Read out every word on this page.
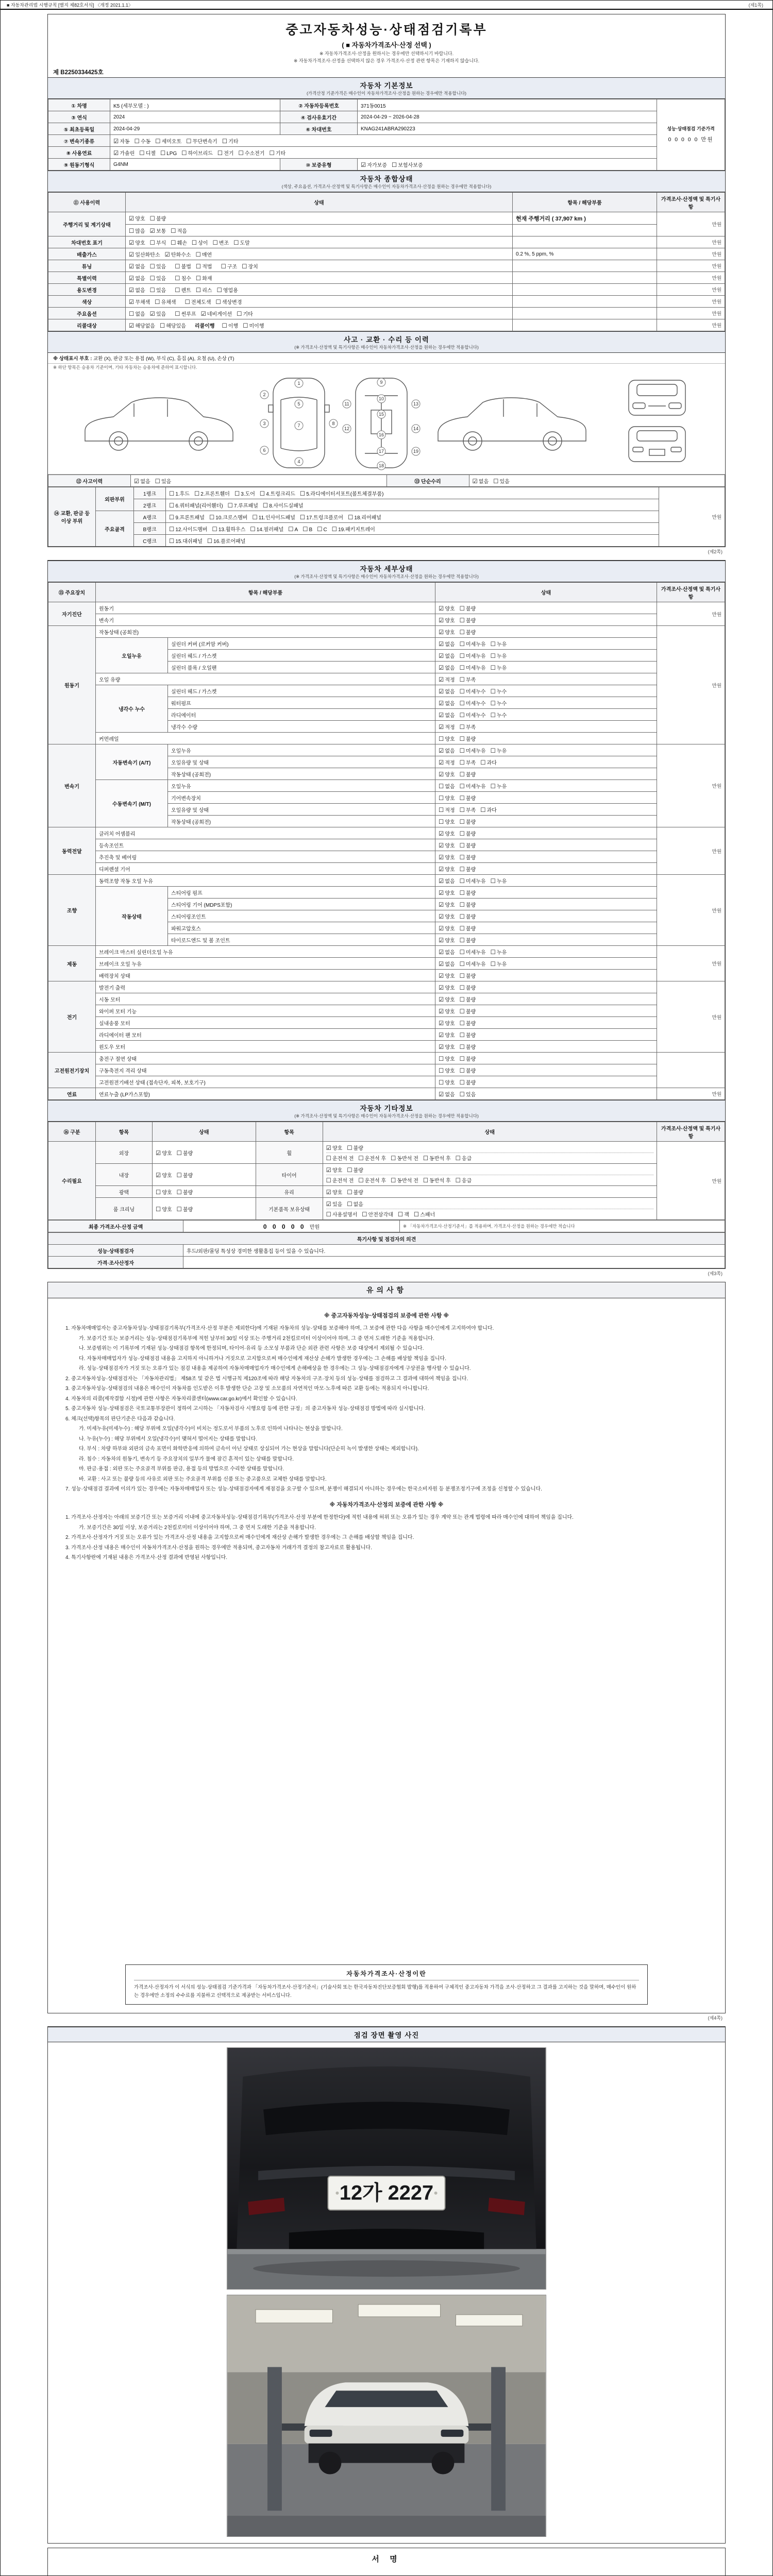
■ 자동차관리법 시행규칙 [별지 제82호서식] 〈개정 2021.1.1〉	(제1쪽)
중고자동차성능·상태점검기록부
( ■ 자동차가격조사·산정 선택 )
※ 자동차가격조사·산정을 원하시는 경우에만 선택하시기 바랍니다.
※ 자동차가격조사·산정을 선택하지 않은 경우 가격조사·산정 관련 항목은 기재하지 않습니다.
제 B2250334425호
자동차 기본정보
(가격산정 기준가격은 매수인이 자동차가격조사·산정을 원하는 경우에만 적용합니다)
① 차명	K5 (세부모델 : )	② 자동차등록번호	371동0015	성능·상태점검 기준가격
0 0 0 0 0 만원

③ 연식	2024	④ 검사유효기간	2024-04-29 ~ 2026-04-28	
⑤ 최초등록일	2024-04-29	⑥ 차대번호	KNAG241ABRA290223	
⑦ 변속기종류	☑ 자동 ☐ 수동 ☐ 세미오토 ☐ 무단변속기 ☐ 기타			
⑧ 사용연료	☑ 가솔린 ☐ 디젤 ☐ LPG ☐ 하이브리드 ☐ 전기 ☐ 수소전기 ☐ 기타			
⑨ 원동기형식	G4NM	⑩ 보증유형	☑ 자가보증 ☐ 보험사보증	
자동차 종합상태
(색상, 주요옵션, 가격조사·산정액 및 특기사항은 매수인이 자동차가격조사·산정을 원하는 경우에만 적용합니다)
⑪ 사용이력	상태	항목 / 해당부품	가격조사·산정액 및 특기사항
주행거리 및 계기상태	☑ 양호 ☐ 불량	현재 주행거리 ( 37,907 km )	만원
	☐ 많음 ☑ 보통 ☐ 적음		
차대번호 표기	☑ 양호 ☐ 부식 ☐ 훼손 ☐ 상이 ☐ 변조 ☐ 도말		만원
배출가스	☑ 일산화탄소 ☑ 탄화수소 ☐ 매연	0.2 %, 5 ppm, %	만원
튜닝	☑ 없음 ☐ 있음 ☐ 불법 ☐ 적법 ☐ 구조 ☐ 장치		만원
특별이력	☑ 없음 ☐ 있음 ☐ 침수 ☐ 화재		만원
용도변경	☑ 없음 ☐ 있음 ☐ 렌트 ☐ 리스 ☐ 영업용		만원
색상	☑ 무채색 ☐ 유채색 ☐ 전체도색 ☐ 색상변경		만원
주요옵션	☐ 없음 ☑ 있음 ☐ 썬루프 ☑ 네비게이션 ☐ 기타		만원
리콜대상	☑ 해당없음 ☐ 해당있음 리콜이행 ☐ 이행 ☐ 미이행		만원
사고 · 교환 · 수리 등 이력
(※ 가격조사·산정액 및 특기사항은 매수인이 자동차가격조사·산정을 원하는 경우에만 적용합니다)
※ 상태표시 부호 : 교환 (X), 판금 또는 용접 (W), 부식 (C), 흠집 (A), 요철 (U), 손상 (T)
※ 하단 항목은 승용차 기준이며, 기타 자동차는 승용차에 준하여 표시합니다.
1
2
3
4
5
6
7	8
9
10
11
12
13
14
15
16
17
18
19
⑫ 사고이력	☑ 없음 ☐ 있음	⑬ 단순수리	☑ 없음 ☐ 있음
⑭ 교환, 판금 등 이상 부위	외판부위	1랭크	☐ 1.후드 ☐ 2.프론트휀더 ☐ 3.도어 ☐ 4.트렁크리드 ☐ 5.라디에이터서포트(볼트체결부품)	만원
		2랭크	☐ 6.쿼터패널(리어휀더) ☐ 7.루프패널 ☐ 8.사이드실패널	
	주요골격	A랭크	☐ 9.프론트패널 ☐ 10.크로스멤버 ☐ 11.인사이드패널 ☐ 17.트렁크플로어 ☐ 18.리어패널	
		B랭크	☐ 12.사이드멤버 ☐ 13.휠하우스 ☐ 14.필러패널 ☐ A ☐ B ☐ C ☐ 19.패키지트레이	
		C랭크	☐ 15.대쉬패널 ☐ 16.플로어패널	
(제2쪽)
자동차 세부상태
(※ 가격조사·산정액 및 특기사항은 매수인이 자동차가격조사·산정을 원하는 경우에만 적용합니다)
⑮ 주요장치	항목 / 해당부품		상태	가격조사·산정액 및 특기사항
자기진단	원동기		☑ 양호 ☐ 불량	만원
	변속기		☑ 양호 ☐ 불량	
원동기	작동상태 (공회전)		☑ 양호 ☐ 불량	만원
	오일누유	실린더 커버 (로커암 커버)	☑ 없음 ☐ 미세누유 ☐ 누유	
		실린더 헤드 / 가스켓	☑ 없음 ☐ 미세누유 ☐ 누유	
		실린더 블록 / 오일팬	☑ 없음 ☐ 미세누유 ☐ 누유	
	오일 유량		☑ 적정 ☐ 부족	
	냉각수 누수	실린더 헤드 / 가스켓	☑ 없음 ☐ 미세누수 ☐ 누수	
		워터펌프	☑ 없음 ☐ 미세누수 ☐ 누수	
		라디에이터	☑ 없음 ☐ 미세누수 ☐ 누수	
		냉각수 수량	☑ 적정 ☐ 부족	
	커먼레일		☐ 양호 ☐ 불량	
변속기	자동변속기 (A/T)	오일누유	☑ 없음 ☐ 미세누유 ☐ 누유	만원
		오일유량 및 상태	☑ 적정 ☐ 부족 ☐ 과다	
		작동상태 (공회전)	☑ 양호 ☐ 불량	
	수동변속기 (M/T)	오일누유	☐ 없음 ☐ 미세누유 ☐ 누유	
		기어변속장치	☐ 양호 ☐ 불량	
		오일유량 및 상태	☐ 적정 ☐ 부족 ☐ 과다	
		작동상태 (공회전)	☐ 양호 ☐ 불량	
동력전달	클러치 어셈블리		☑ 양호 ☐ 불량	만원
	등속조인트		☑ 양호 ☐ 불량	
	추진축 및 베어링		☑ 양호 ☐ 불량	
	디퍼렌셜 기어		☑ 양호 ☐ 불량	
조향	동력조향 작동 오일 누유		☑ 없음 ☐ 미세누유 ☐ 누유	만원
	작동상태	스티어링 펌프	☑ 양호 ☐ 불량	
		스티어링 기어 (MDPS포함)	☑ 양호 ☐ 불량	
		스티어링조인트	☑ 양호 ☐ 불량	
		파워고압호스	☑ 양호 ☐ 불량	
		타이로드엔드 및 볼 조인트	☑ 양호 ☐ 불량	
제동	브레이크 마스터 실린더오일 누유		☑ 없음 ☐ 미세누유 ☐ 누유	만원
	브레이크 오일 누유		☑ 없음 ☐ 미세누유 ☐ 누유	
	배력장치 상태		☑ 양호 ☐ 불량	
전기	발전기 출력		☑ 양호 ☐ 불량	만원
	시동 모터		☑ 양호 ☐ 불량	
	와이퍼 모터 기능		☑ 양호 ☐ 불량	
	실내송풍 모터		☑ 양호 ☐ 불량	
	라디에이터 팬 모터		☑ 양호 ☐ 불량	
	윈도우 모터		☑ 양호 ☐ 불량	
고전원전기장치	충전구 절연 상태		☐ 양호 ☐ 불량	
	구동축전지 격리 상태		☐ 양호 ☐ 불량	
	고전원전기배선 상태 (접속단자, 피복, 보호기구)		☐ 양호 ☐ 불량	
연료	연료누출 (LP가스포함)		☑ 없음 ☐ 있음	만원
자동차 기타정보
(※ 가격조사·산정액 및 특기사항은 매수인이 자동차가격조사·산정을 원하는 경우에만 적용합니다)
⑯ 구분	항목	상태	항목	상태	가격조사·산정액 및 특기사항
수리필요	외장	☑ 양호 ☐ 불량	휠	☑ 양호 ☐ 불량
☐ 운전석 전 ☐ 운전석 후 ☐ 동반석 전 ☐ 동반석 후 ☐ 응급	만원
	내장	☑ 양호 ☐ 불량	타이어	☑ 양호 ☐ 불량
☐ 운전석 전 ☐ 운전석 후 ☐ 동반석 전 ☐ 동반석 후 ☐ 응급	

	광택	☐ 양호 ☐ 불량	유리	☑ 양호 ☐ 불량	
	룸 크리닝	☐ 양호 ☐ 불량	기본품목 보유상태	☑ 있음 ☐ 없음
☐ 사용설명서 ☐ 안전삼각대 ☐ 잭 ☐ 스패너	
최종 가격조사·산정 금액	0 0 0 0 0 만원	※ 「자동차가격조사·산정기준서」를 적용하며, 가격조사·산정을 원하는 경우에만 적습니다
특기사항 및 점검자의 의견	
성능·상태점검자	후드/외판/몰딩 특성상 경미한 생활흠집 등이 있을 수 있습니다.
가격·조사산정자	
(제3쪽)
유의사항
※ 중고자동차성능·상태점검의 보증에 관한 사항 ※
1. 자동차매매업자는 중고자동차성능·상태점검기록부(가격조사·산정 부분은 제외한다)에 기재된 자동차의 성능·상태를 보증해야 하며, 그 보증에 관한 다음 사항을 매수인에게 고지하여야 합니다.
가. 보증기간 또는 보증거리는 성능·상태점검기록부에 적힌 날부터 30일 이상 또는 주행거리 2천킬로미터 이상이어야 하며, 그 중 먼저 도래한 기준을 적용합니다.
나. 보증범위는 이 기록부에 기재된 성능·상태점검 항목에 한정되며, 타이어·유리 등 소모성 부품과 단순 외관 관련 사항은 보증 대상에서 제외될 수 있습니다.
다. 자동차매매업자가 성능·상태점검 내용을 고지하지 아니하거나 거짓으로 고지함으로써 매수인에게 재산상 손해가 발생한 경우에는 그 손해를 배상할 책임을 집니다.
라. 성능·상태점검자가 거짓 또는 오류가 있는 점검 내용을 제공하여 자동차매매업자가 매수인에게 손해배상을 한 경우에는 그 성능·상태점검자에게 구상권을 행사할 수 있습니다.
2. 중고자동차성능·상태점검자는 「자동차관리법」 제58조 및 같은 법 시행규칙 제120조에 따라 해당 자동차의 구조·장치 등의 성능·상태를 점검하고 그 결과에 대하여 책임을 집니다.
3. 중고자동차성능·상태점검의 내용은 매수인이 자동차를 인도받은 이후 발생한 단순 고장 및 소모품의 자연적인 마모·노후에 따른 교환 등에는 적용되지 아니합니다.
4. 자동차의 리콜(제작결함 시정)에 관한 사항은 자동차리콜센터(www.car.go.kr)에서 확인할 수 있습니다.
5. 중고자동차 성능·상태점검은 국토교통부장관이 정하여 고시하는 「자동차검사 시행요령 등에 관한 규정」의 중고자동차 성능·상태점검 방법에 따라 실시합니다.
6. 체크(선택)항목의 판단기준은 다음과 같습니다.
가. 미세누유(미세누수) : 해당 부위에 오일(냉각수)이 비치는 정도로서 부품의 노후로 인하여 나타나는 현상을 말합니다.
나. 누유(누수) : 해당 부위에서 오일(냉각수)이 맺혀서 떨어지는 상태를 말합니다.
다. 부식 : 차량 하부와 외판의 금속 표면이 화학반응에 의하여 금속이 아닌 상태로 상실되어 가는 현상을 말합니다(단순히 녹이 발생한 상태는 제외합니다).
라. 침수 : 자동차의 원동기, 변속기 등 주요장치의 일부가 물에 잠긴 흔적이 있는 상태를 말합니다.
마. 판금·용접 : 외판 또는 주요골격 부위를 판금, 용접 등의 방법으로 수리한 상태를 말합니다.
바. 교환 : 사고 또는 불량 등의 사유로 외판 또는 주요골격 부위를 신품 또는 중고품으로 교체한 상태를 말합니다.
7. 성능·상태점검 결과에 이의가 있는 경우에는 자동차매매업자 또는 성능·상태점검자에게 재점검을 요구할 수 있으며, 분쟁이 해결되지 아니하는 경우에는 한국소비자원 등 분쟁조정기구에 조정을 신청할 수 있습니다.
※ 자동차가격조사·산정의 보증에 관한 사항 ※
1. 가격조사·산정자는 아래의 보증기간 또는 보증거리 이내에 중고자동차성능·상태점검기록부(가격조사·산정 부분에 한정한다)에 적힌 내용에 허위 또는 오류가 있는 경우 계약 또는 관계 법령에 따라 매수인에 대하여 책임을 집니다.
가. 보증기간은 30일 이상, 보증거리는 2천킬로미터 이상이어야 하며, 그 중 먼저 도래한 기준을 적용합니다.
2. 가격조사·산정자가 거짓 또는 오류가 있는 가격조사·산정 내용을 고지함으로써 매수인에게 재산상 손해가 발생한 경우에는 그 손해를 배상할 책임을 집니다.
3. 가격조사·산정 내용은 매수인이 자동차가격조사·산정을 원하는 경우에만 적용되며, 중고자동차 거래가격 결정의 참고자료로 활용됩니다.
4. 특기사항란에 기재된 내용은 가격조사·산정 결과에 반영된 사항입니다.
자동차가격조사·산정이란
가격조사·산정자가 이 서식의 성능·상태점검 기준가격과 「자동차가격조사·산정기준서」(기술사회 또는 한국자동차진단보증협회 발행)를 적용하여 구체적인 중고자동차 가격을 조사·산정하고 그 결과를 고지하는 것을 말하며, 매수인이 원하는 경우에만 소정의 수수료를 지불하고 선택적으로 제공받는 서비스입니다.
(제4쪽)
점검 장면 촬영 사진
12가 2227
서 명
